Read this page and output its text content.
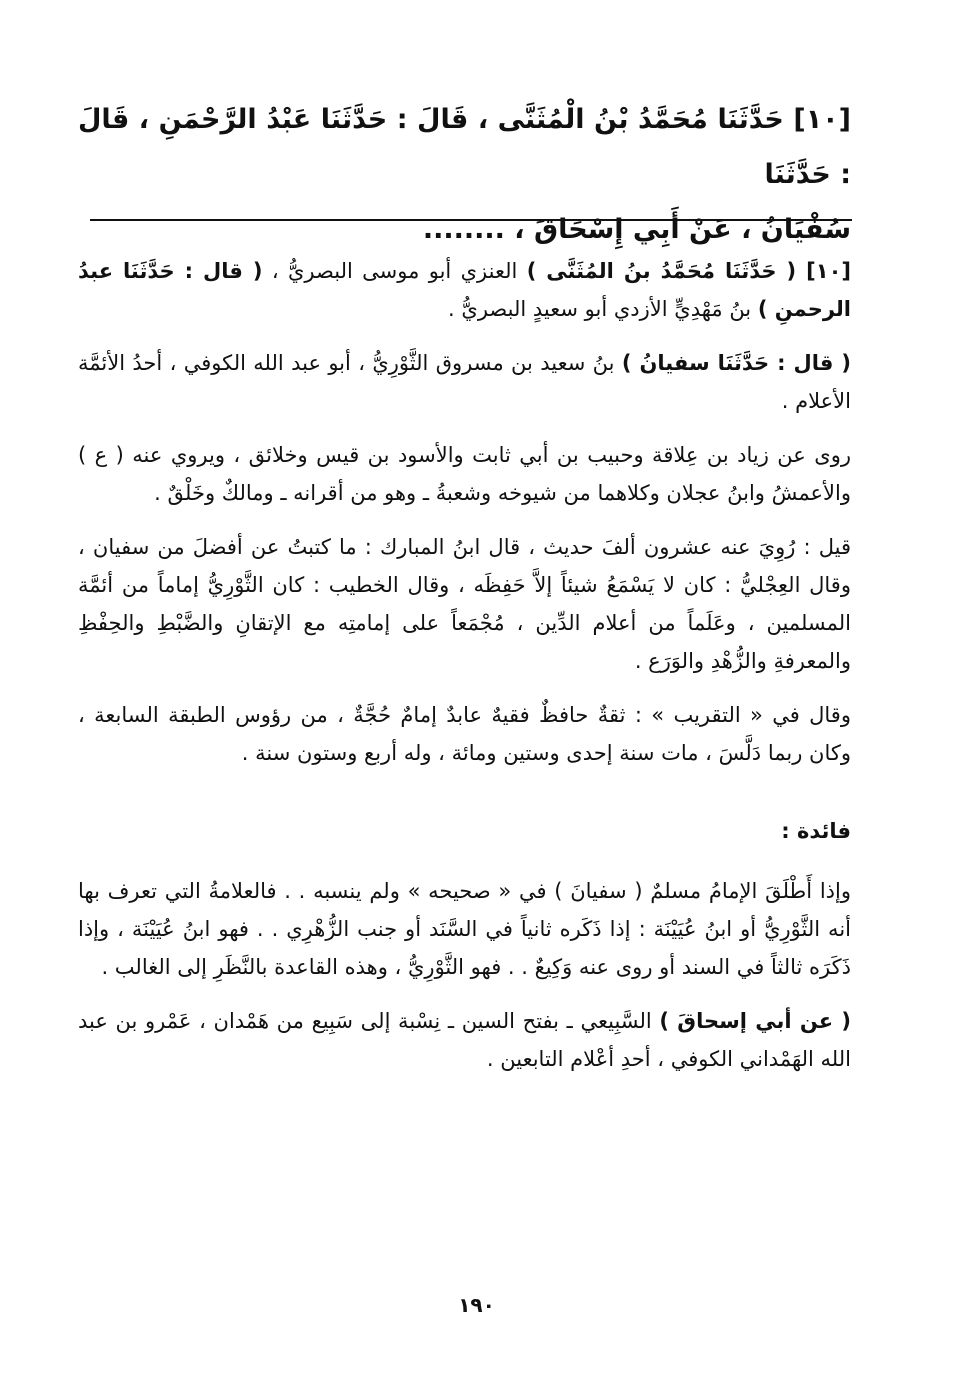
[١٠] حَدَّثَنَا مُحَمَّدُ بْنُ الْمُثَنَّى ، قَالَ : حَدَّثَنَا عَبْدُ الرَّحْمَنِ ، قَالَ : حَدَّثَنَا

سُفْيَانُ ، عَنْ أَبِي إِسْحَاقَ ، ........

[١٠] ( حَدَّثَنَا مُحَمَّدُ بنُ المُثَنَّى ) العنزي أبو موسى البصريُّ ، ( قال : حَدَّثَنَا عبدُ الرحمنِ ) بنُ مَهْدِيٍّ الأزدي أبو سعيدٍ البصريُّ .

( قال : حَدَّثَنَا سفيانُ ) بنُ سعيد بن مسروق الثَّوْرِيُّ ، أبو عبد الله الكوفي ، أحدُ الأئمَّة الأعلام .

روى عن زياد بن عِلاقة وحبيب بن أبي ثابت والأسود بن قيس وخلائق ، ويروي عنه ( ع ) والأعمشُ وابنُ عجلان وكلاهما من شيوخه وشعبةُ ـ وهو من أقرانه ـ ومالكٌ وخَلْقٌ .

قيل : رُوِيَ عنه عشرون ألفَ حديث ، قال ابنُ المبارك : ما كتبتُ عن أفضلَ من سفيان ، وقال العِجْليُّ : كان لا يَسْمَعُ شيئاً إلاَّ حَفِظَه ، وقال الخطيب : كان الثَّوْرِيُّ إماماً من أئمَّة المسلمين ، وعَلَماً من أعلام الدِّين ، مُجْمَعاً على إمامتِه مع الإتقانِ والضَّبْطِ والحِفْظِ والمعرفةِ والزُّهْدِ والوَرَع .

وقال في « التقريب » : ثقةٌ حافظٌ فقيهٌ عابدٌ إمامٌ حُجَّةٌ ، من رؤوس الطبقة السابعة ، وكان ربما دَلَّسَ ، مات سنة إحدى وستين ومائة ، وله أربع وستون سنة .

فائدة :

وإذا أَطْلَقَ الإمامُ مسلمٌ ( سفيانَ ) في « صحيحه » ولم ينسبه . . فالعلامةُ التي تعرف بها أنه الثَّوْرِيُّ أو ابنُ عُيَيْنَة : إذا ذَكَره ثانياً في السَّنَد أو جنب الزُّهْرِي . . فهو ابنُ عُيَيْنَة ، وإذا ذَكَرَه ثالثاً في السند أو روى عنه وَكِيعٌ . . فهو الثَّوْرِيُّ ، وهذه القاعدة بالنَّظَرِ إلى الغالب .

( عن أبي إسحاقَ ) السَّبِيعي ـ بفتح السين ـ نِسْبة إلى سَبِيع من هَمْدان ، عَمْرو بن عبد الله الهَمْداني الكوفي ، أحدِ أعْلام التابعين .

١٩٠
